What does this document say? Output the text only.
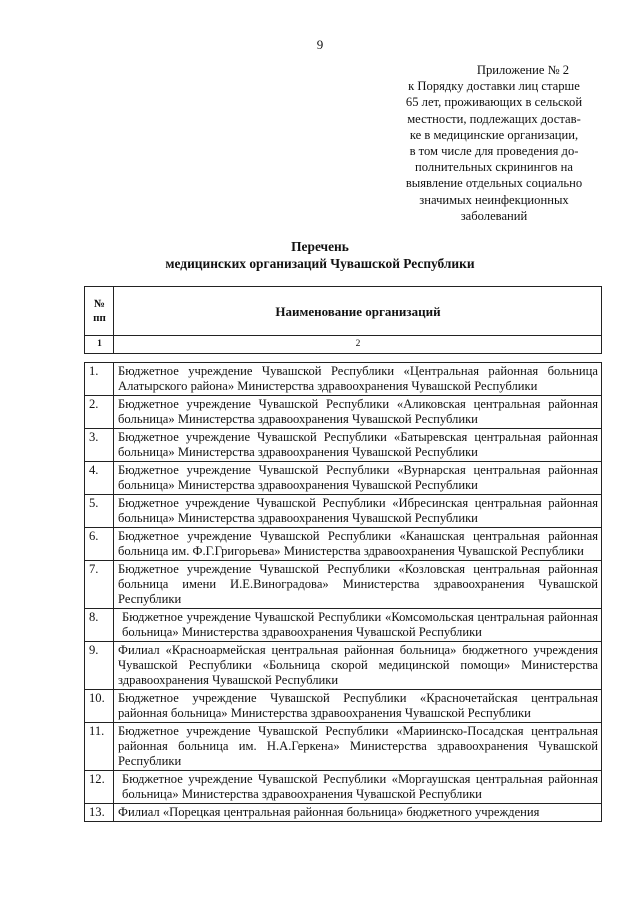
9
Приложение № 2
к Порядку доставки лиц старше
65 лет, проживающих в сельской
местности, подлежащих достав-
ке в медицинские организации,
в том числе для проведения до-
полнительных скринингов на
выявление отдельных социально
значимых неинфекционных
заболеваний
Перечень
медицинских организаций Чувашской Республики
№ пп	Наименование организаций
1	2

1.	Бюджетное учреждение Чувашской Республики «Центральная районная больница Алатырского района» Министерства здравоохранения Чувашской Республики
2.	Бюджетное учреждение Чувашской Республики «Аликовская центральная районная больница» Министерства здравоохранения Чувашской Республики
3.	Бюджетное учреждение Чувашской Республики «Батыревская центральная районная больница» Министерства здравоохранения Чувашской Республики
4.	Бюджетное учреждение Чувашской Республики «Вурнарская центральная районная больница» Министерства здравоохранения Чувашской Республики
5.	Бюджетное учреждение Чувашской Республики «Ибресинская центральная районная больница» Министерства здравоохранения Чувашской Республики
6.	Бюджетное учреждение Чувашской Республики «Канашская центральная районная больница им. Ф.Г.Григорьева» Министерства здравоохранения Чувашской Республики
7.	Бюджетное учреждение Чувашской Республики «Козловская центральная районная больница имени И.Е.Виноградова» Министерства здравоохранения Чувашской Республики
8.	Бюджетное учреждение Чувашской Республики «Комсомольская центральная районная больница» Министерства здравоохранения Чувашской Республики
9.	Филиал «Красноармейская центральная районная больница» бюджетного учреждения Чувашской Республики «Больница скорой медицинской помощи» Министерства здравоохранения Чувашской Республики
10.	Бюджетное учреждение Чувашской Республики «Красночетайская центральная районная больница» Министерства здравоохранения Чувашской Республики
11.	Бюджетное учреждение Чувашской Республики «Мариинско-Посадская центральная районная больница им. Н.А.Геркена» Министерства здравоохранения Чувашской Республики
12.	Бюджетное учреждение Чувашской Республики «Моргаушская центральная районная больница» Министерства здравоохранения Чувашской Республики
13.	Филиал «Порецкая центральная районная больница» бюджетного учреждения
